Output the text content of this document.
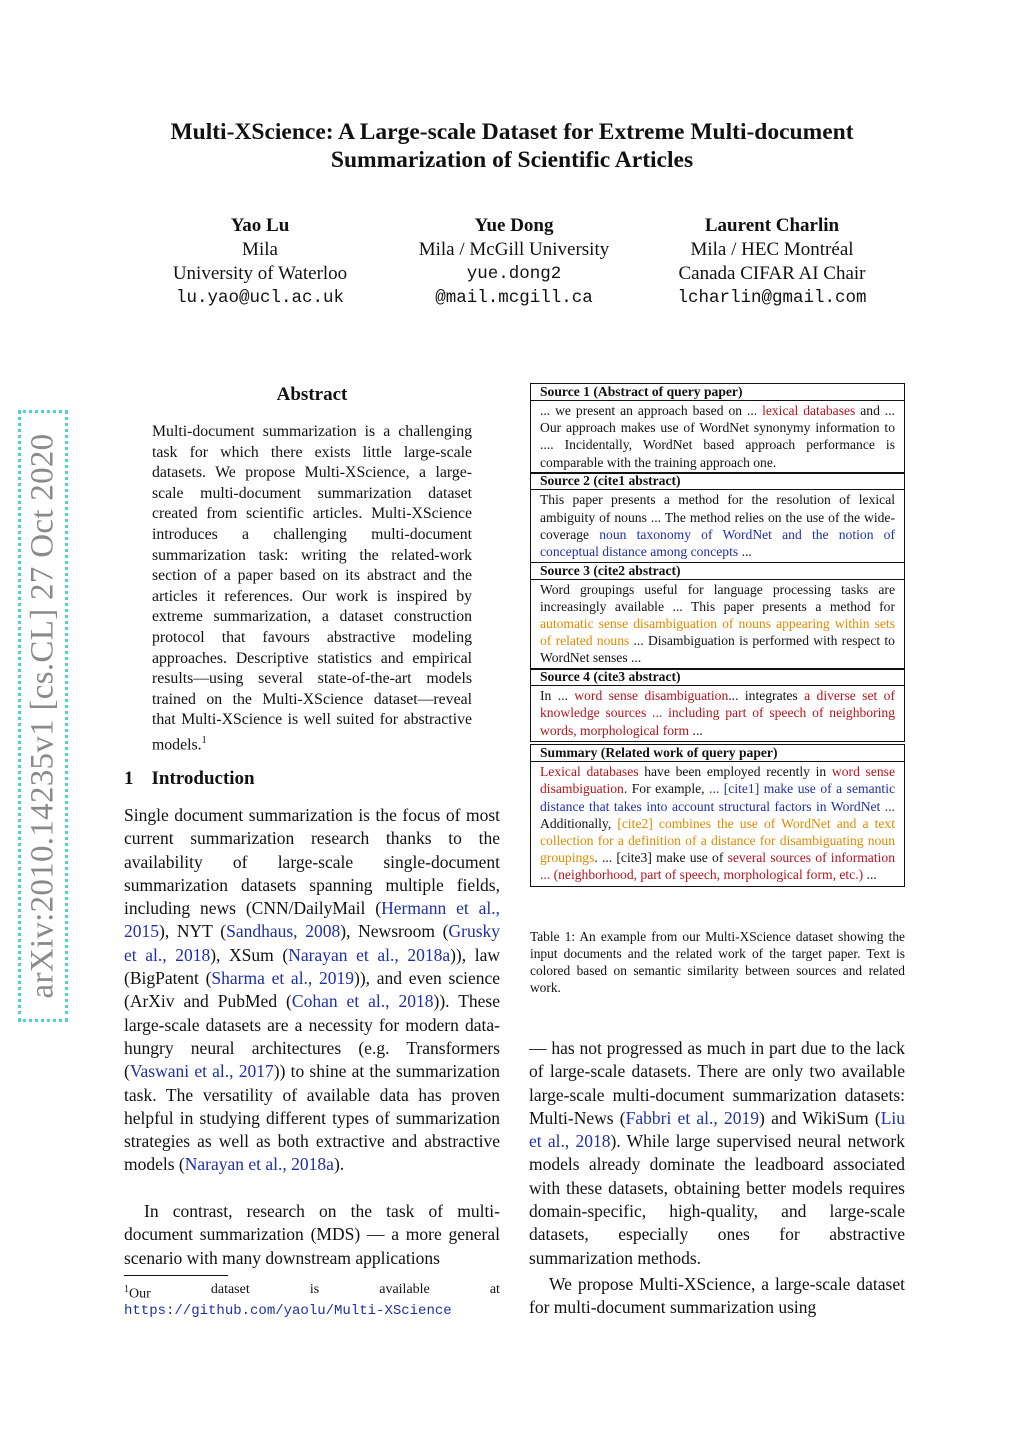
Multi-XScience: A Large-scale Dataset for Extreme Multi-document
Summarization of Scientific Articles
Yao Lu
Mila
University of Waterloo
lu.yao@ucl.ac.uk
Yue Dong
Mila / McGill University
yue.dong2
@mail.mcgill.ca
Laurent Charlin
Mila / HEC Montréal
Canada CIFAR AI Chair
lcharlin@gmail.com
arXiv:2010.14235v1 [cs.CL] 27 Oct 2020
Abstract
Multi-document summarization is a challenging task for which there exists little large-scale datasets. We propose Multi-XScience, a large-scale multi-document summarization dataset created from scientific articles. Multi-XScience introduces a challenging multi-document summarization task: writing the related-work section of a paper based on its abstract and the articles it references. Our work is inspired by extreme summarization, a dataset construction protocol that favours abstractive modeling approaches. Descriptive statistics and empirical results—using several state-of-the-art models trained on the Multi-XScience dataset—reveal that Multi-XScience is well suited for abstractive models.$^1$
1 Introduction
Single document summarization is the focus of most current summarization research thanks to the availability of large-scale single-document summarization datasets spanning multiple fields, including news (CNN/DailyMail (Hermann et al., 2015), NYT (Sandhaus, 2008), Newsroom (Grusky et al., 2018), XSum (Narayan et al., 2018a)), law (BigPatent (Sharma et al., 2019)), and even science (ArXiv and PubMed (Cohan et al., 2018)). These large-scale datasets are a necessity for modern data-hungry neural architectures (e.g. Transformers (Vaswani et al., 2017)) to shine at the summarization task. The versatility of available data has proven helpful in studying different types of summarization strategies as well as both extractive and abstractive models (Narayan et al., 2018a).
In contrast, research on the task of multi-document summarization (MDS) — a more general scenario with many downstream applications
$^1$Our	dataset	is	available	at
https://github.com/yaolu/Multi-XScience
Source 1 (Abstract of query paper)
... we present an approach based on ... lexical databases and ... Our approach makes use of WordNet synonymy information to .... Incidentally, WordNet based approach performance is comparable with the training approach one.
Source 2 (cite1 abstract)
This paper presents a method for the resolution of lexical ambiguity of nouns ... The method relies on the use of the wide-coverage noun taxonomy of WordNet and the notion of conceptual distance among concepts ...
Source 3 (cite2 abstract)
Word groupings useful for language processing tasks are increasingly available ... This paper presents a method for automatic sense disambiguation of nouns appearing within sets of related nouns ... Disambiguation is performed with respect to WordNet senses ...
Source 4 (cite3 abstract)
In ... word sense disambiguation... integrates a diverse set of knowledge sources ... including part of speech of neighboring words, morphological form ...
Summary (Related work of query paper)
Lexical databases have been employed recently in word sense disambiguation. For example, ... [cite1] make use of a semantic distance that takes into account structural factors in WordNet ... Additionally, [cite2] combines the use of WordNet and a text collection for a definition of a distance for disambiguating noun groupings. ... [cite3] make use of several sources of information ... (neighborhood, part of speech, morphological form, etc.) ...
Table 1: An example from our Multi-XScience dataset showing the input documents and the related work of the target paper. Text is colored based on semantic similarity between sources and related work.
— has not progressed as much in part due to the lack of large-scale datasets. There are only two available large-scale multi-document summarization datasets: Multi-News (Fabbri et al., 2019) and WikiSum (Liu et al., 2018). While large supervised neural network models already dominate the leadboard associated with these datasets, obtaining better models requires domain-specific, high-quality, and large-scale datasets, especially ones for abstractive summarization methods.
We propose Multi-XScience, a large-scale dataset for multi-document summarization using
